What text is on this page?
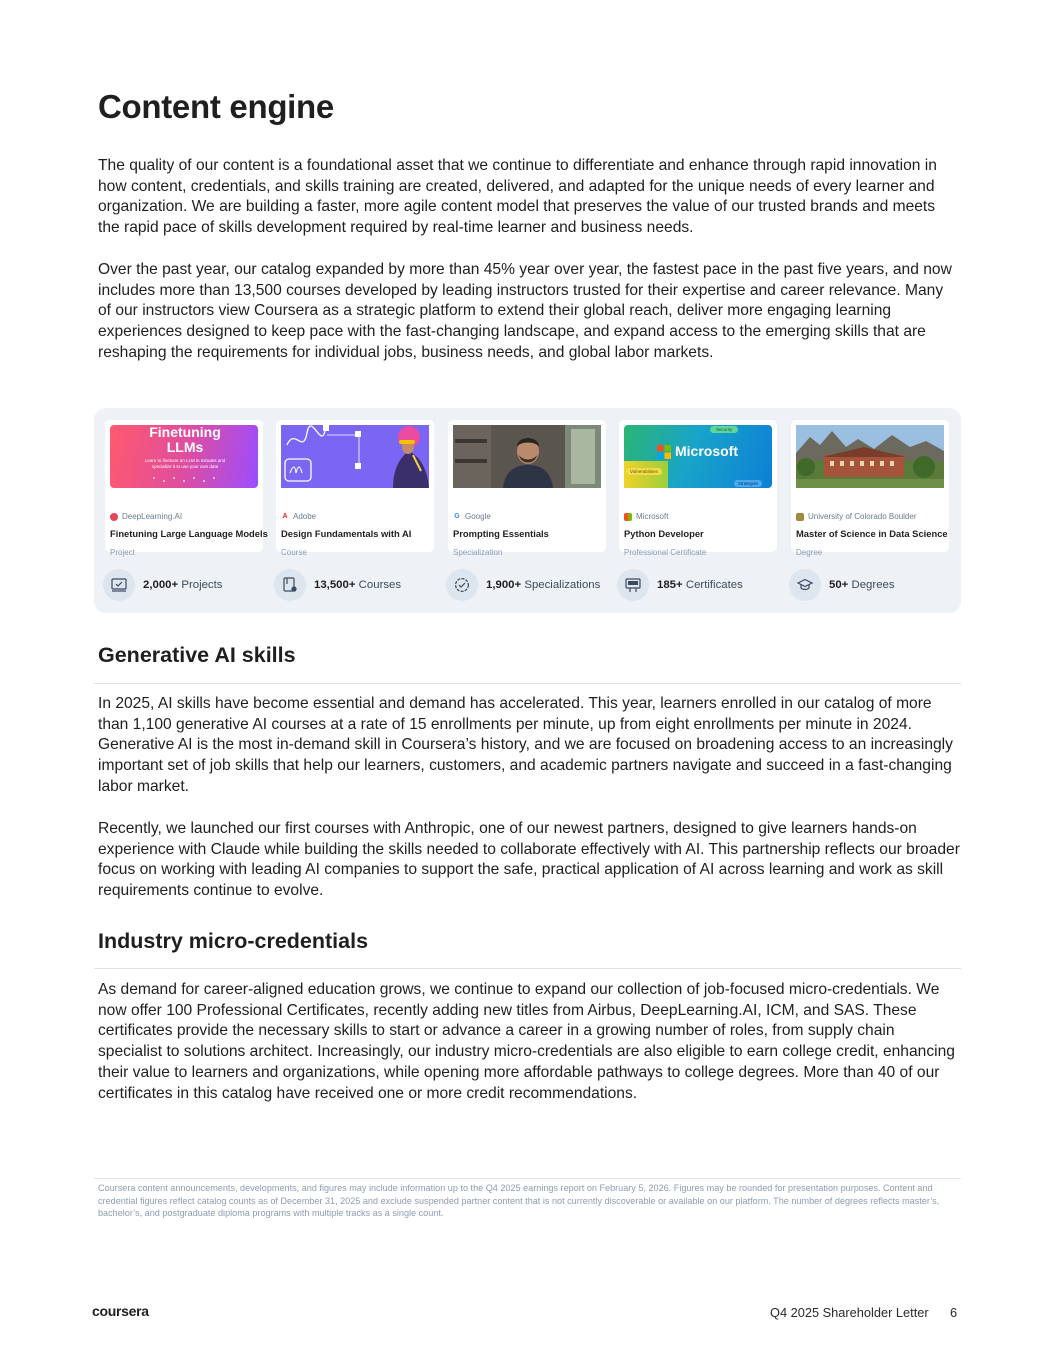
Content engine

The quality of our content is a foundational asset that we continue to differentiate and enhance through rapid innovation in how content, credentials, and skills training are created, delivered, and adapted for the unique needs of every learner and organization. We are building a faster, more agile content model that preserves the value of our trusted brands and meets the rapid pace of skills development required by real-time learner and business needs.

Over the past year, our catalog expanded by more than 45% year over year, the fastest pace in the past five years, and now includes more than 13,500 courses developed by leading instructors trusted for their expertise and career relevance. Many of our instructors view Coursera as a strategic platform to extend their global reach, deliver more engaging learning experiences designed to keep pace with the fast-changing landscape, and expand access to the emerging skills that are reshaping the requirements for individual jobs, business needs, and global labor markets.

Finetuning LLMs
Learn to finetune an LLM in minutes and specialize it to use your own data
DeepLearning.AI
Finetuning Large Language Models
Project
A Adobe
Design Fundamentals with AI
Course
G Google
Prompting Essentials
Specialization
Security
Vulnerabilities
Strategies
Microsoft
Microsoft
Python Developer
Professional Certificate
University of Colorado Boulder
Master of Science in Data Science
Degree
2,000+ Projects	13,500+ Courses	1,900+ Specializations	185+ Certificates	50+ Degrees
Generative AI skills

In 2025, AI skills have become essential and demand has accelerated. This year, learners enrolled in our catalog of more than 1,100 generative AI courses at a rate of 15 enrollments per minute, up from eight enrollments per minute in 2024. Generative AI is the most in-demand skill in Coursera’s history, and we are focused on broadening access to an increasingly important set of job skills that help our learners, customers, and academic partners navigate and succeed in a fast-changing labor market.

Recently, we launched our first courses with Anthropic, one of our newest partners, designed to give learners hands-on experience with Claude while building the skills needed to collaborate effectively with AI. This partnership reflects our broader focus on working with leading AI companies to support the safe, practical application of AI across learning and work as skill requirements continue to evolve.

Industry micro-credentials

As demand for career-aligned education grows, we continue to expand our collection of job-focused micro-credentials. We now offer 100 Professional Certificates, recently adding new titles from Airbus, DeepLearning.AI, ICM, and SAS. These certificates provide the necessary skills to start or advance a career in a growing number of roles, from supply chain specialist to solutions architect. Increasingly, our industry micro-credentials are also eligible to earn college credit, enhancing their value to learners and organizations, while opening more affordable pathways to college degrees. More than 40 of our certificates in this catalog have received one or more credit recommendations.

Coursera content announcements, developments, and figures may include information up to the Q4 2025 earnings report on February 5, 2026. Figures may be rounded for presentation purposes. Content and credential figures reflect catalog counts as of December 31, 2025 and exclude suspended partner content that is not currently discoverable or available on our platform. The number of degrees reflects master’s, bachelor’s, and postgraduate diploma programs with multiple tracks as a single count.

coursera	Q4 2025 Shareholder Letter 6
